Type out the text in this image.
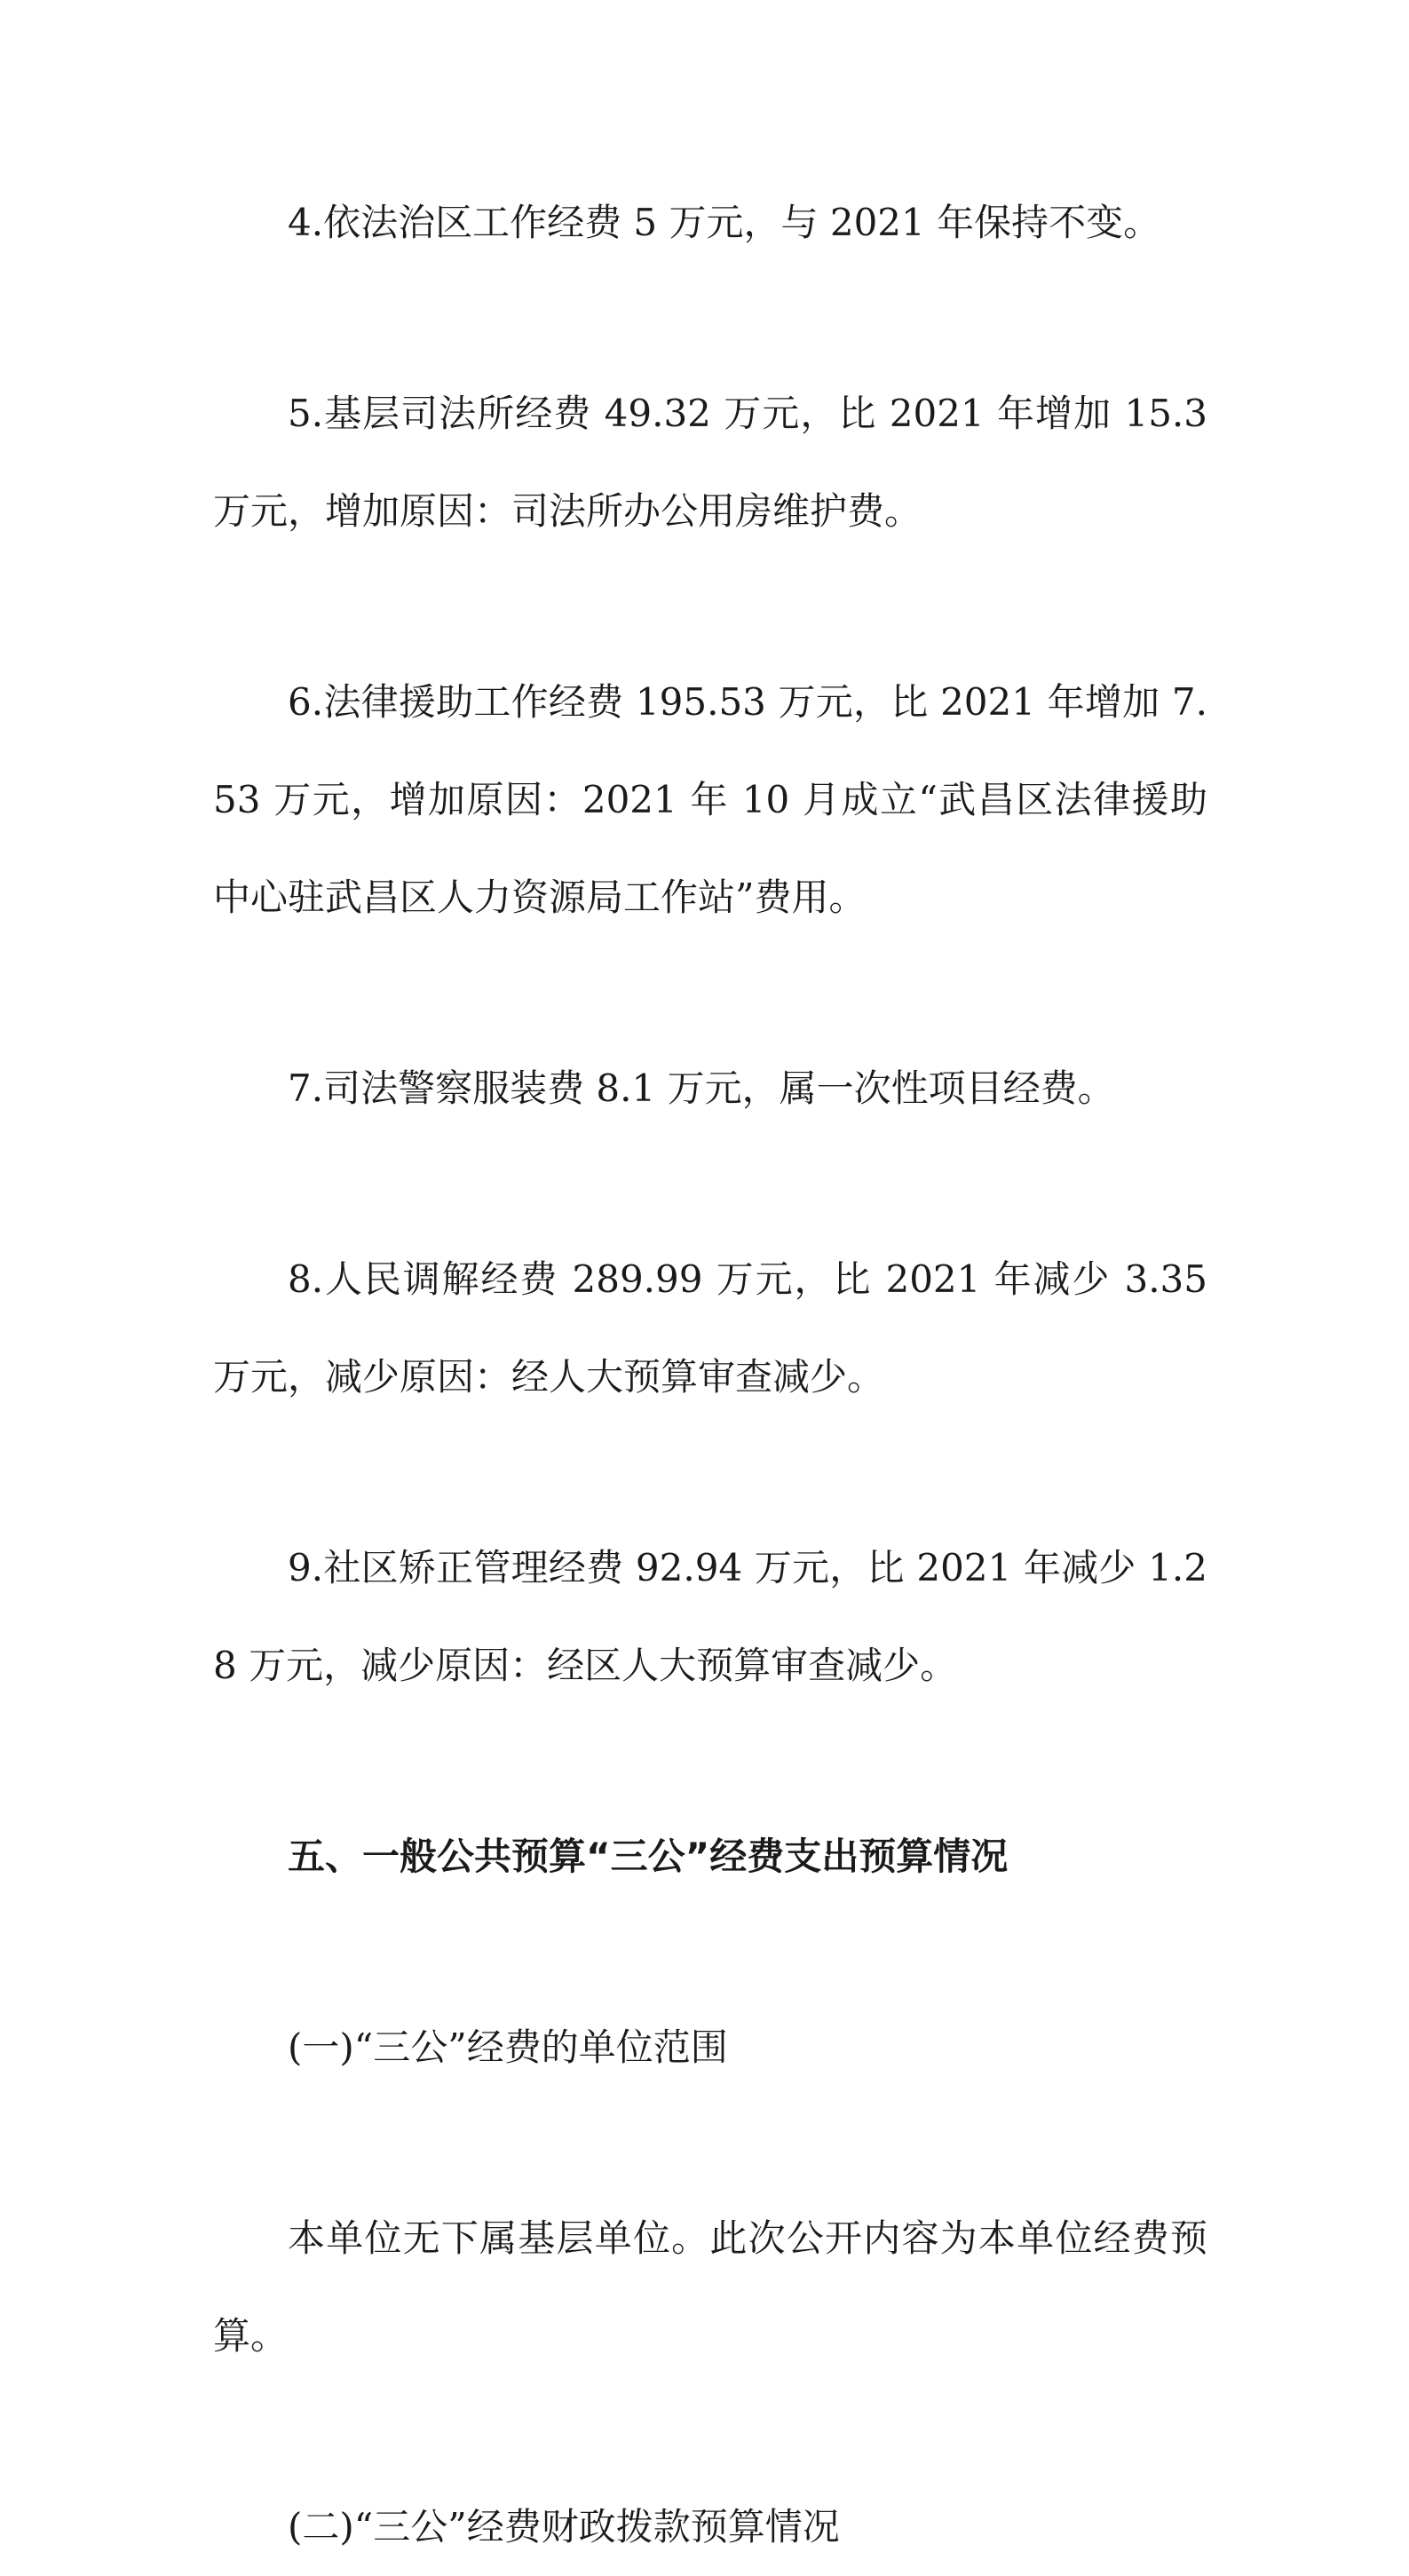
4.依法治区工作经费 5 万元，与 2021 年保持不变。

5.基层司法所经费 49.32 万元，比 2021 年增加 15.3 万元，增加原因：司法所办公用房维护费。

6.法律援助工作经费 195.53 万元，比 2021 年增加 7.53 万元，增加原因：2021 年 10 月成立“武昌区法律援助中心驻武昌区人力资源局工作站”费用。

7.司法警察服装费 8.1 万元，属一次性项目经费。

8.人民调解经费 289.99 万元，比 2021 年减少 3.35 万元，减少原因：经人大预算审查减少。

9.社区矫正管理经费 92.94 万元，比 2021 年减少 1.28 万元，减少原因：经区人大预算审查减少。

五、一般公共预算“三公”经费支出预算情况

(一)“三公”经费的单位范围

本单位无下属基层单位。此次公开内容为本单位经费预算。

(二)“三公”经费财政拨款预算情况
